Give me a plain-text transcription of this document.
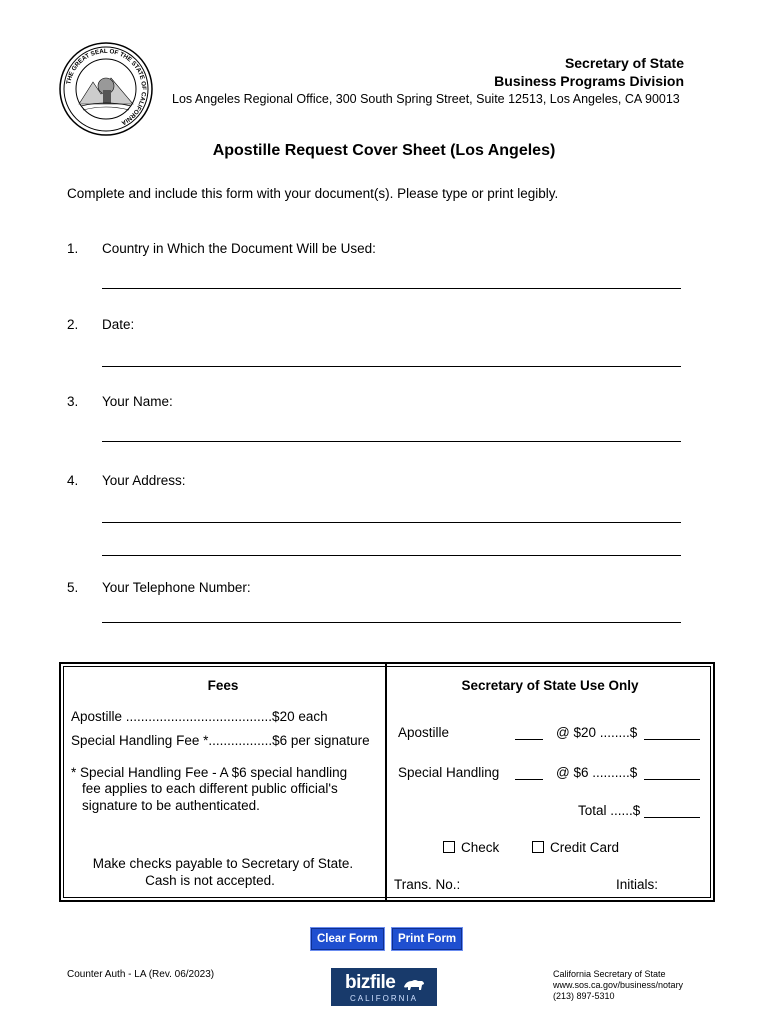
THE GREAT SEAL OF THE STATE OF CALIFORNIA
Secretary of State
Business Programs Division
Los Angeles Regional Office, 300 South Spring Street, Suite 12513, Los Angeles, CA 90013
Apostille Request Cover Sheet (Los Angeles)
Complete and include this form with your document(s). Please type or print legibly.
1. Country in Which the Document Will be Used:
2. Date:
3. Your Name:
4. Your Address:
5. Your Telephone Number:
Fees
Apostille .......................................$20 each
Special Handling Fee *.................$6 per signature
* Special Handling Fee - A $6 special handling
fee applies to each different public official's
signature to be authenticated.
Make checks payable to Secretary of State.
Cash is not accepted.
Secretary of State Use Only
Apostille	@ $20 ........$
Special Handling	@ $6 ..........$
Total ......$
Check	Credit Card
Trans. No.:	Initials:
Clear Form	Print Form
Counter Auth - LA (Rev. 06/2023)	bizfile
CALIFORNIA
California Secretary of State
www.sos.ca.gov/business/notary
(213) 897-5310
